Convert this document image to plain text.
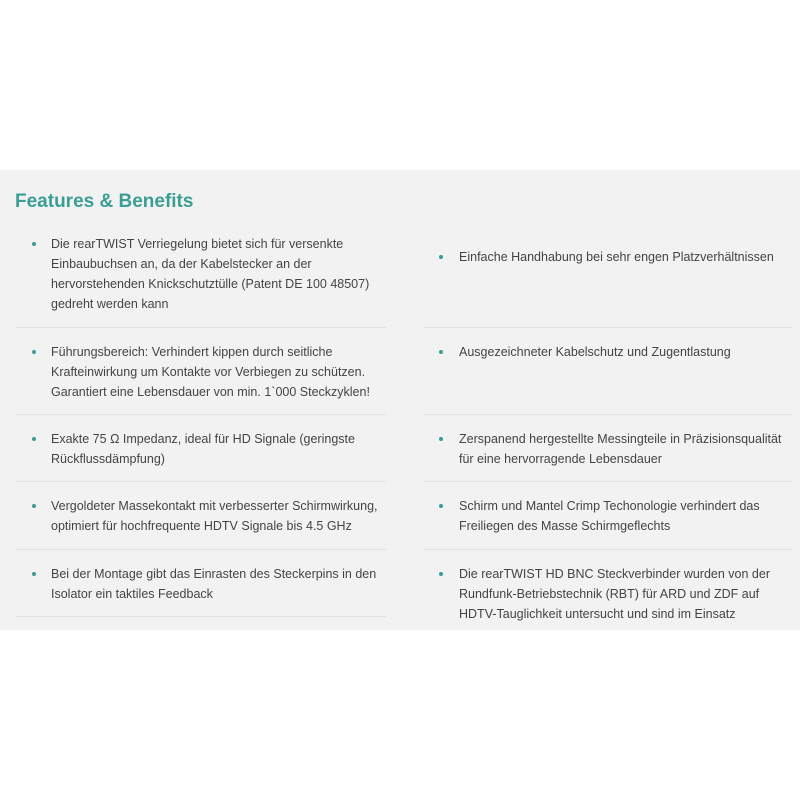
Features & Benefits
Die rearTWIST Verriegelung bietet sich für versenkte Einbaubuchsen an, da der Kabelstecker an der hervorstehenden Knickschutztülle (Patent DE 100 48507) gedreht werden kann
Führungsbereich: Verhindert kippen durch seitliche Krafteinwirkung um Kontakte vor Verbiegen zu schützen. Garantiert eine Lebensdauer von min. 1`000 Steckzyklen!
Exakte 75 Ω Impedanz, ideal für HD Signale (geringste Rückflussdämpfung)
Vergoldeter Massekontakt mit verbesserter Schirmwirkung, optimiert für hochfrequente HDTV Signale bis 4.5 GHz
Bei der Montage gibt das Einrasten des Steckerpins in den Isolator ein taktiles Feedback
Einfache Handhabung bei sehr engen Platzverhältnissen
Ausgezeichneter Kabelschutz und Zugentlastung
Zerspanend hergestellte Messingteile in Präzisionsqualität für eine hervorragende Lebensdauer
Schirm und Mantel Crimp Techonologie verhindert das Freiliegen des Masse Schirmgeflechts
Die rearTWIST HD BNC Steckverbinder wurden von der Rundfunk-Betriebstechnik (RBT) für ARD und ZDF auf HDTV-Tauglichkeit untersucht und sind im Einsatz
